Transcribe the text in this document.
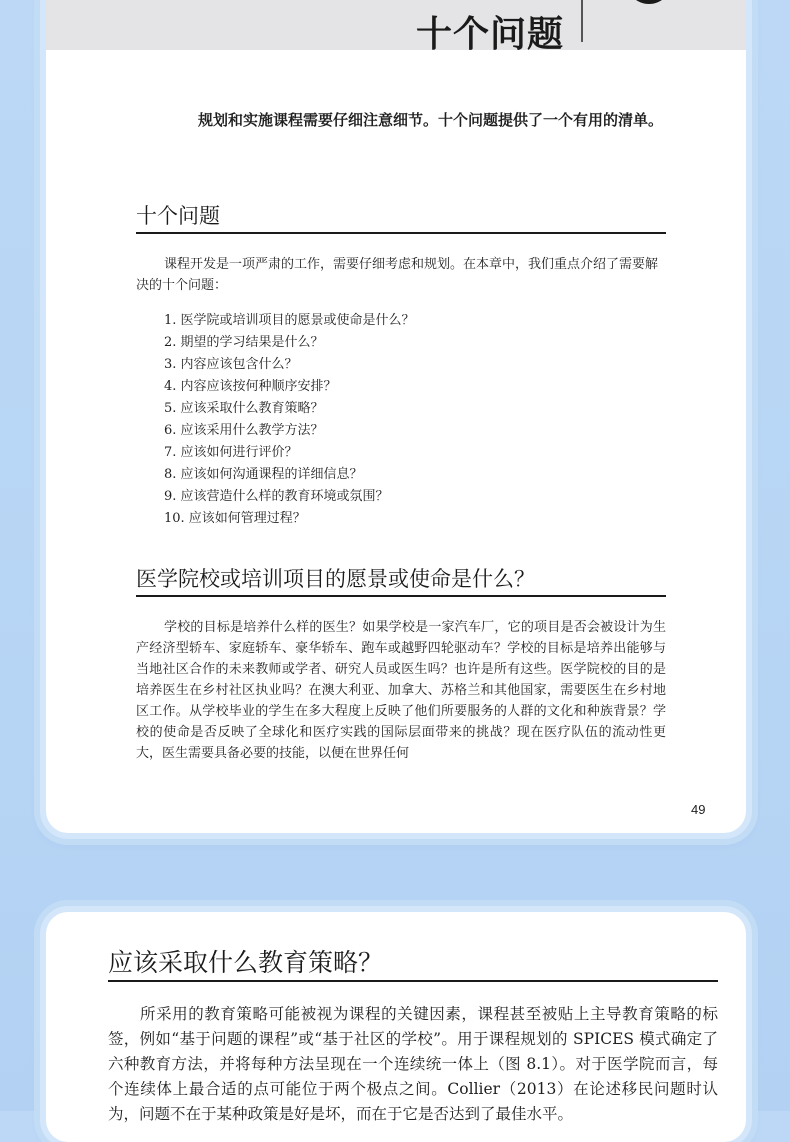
十个问题
规划和实施课程需要仔细注意细节。十个问题提供了一个有用的清单。
十个问题
课程开发是一项严肃的工作，需要仔细考虑和规划。在本章中，我们重点介绍了需要解决的十个问题：
1. 医学院或培训项目的愿景或使命是什么？
2. 期望的学习结果是什么？
3. 内容应该包含什么？
4. 内容应该按何种顺序安排？
5. 应该采取什么教育策略？
6. 应该采用什么教学方法？
7. 应该如何进行评价？
8. 应该如何沟通课程的详细信息？
9. 应该营造什么样的教育环境或氛围？
10. 应该如何管理过程？
医学院校或培训项目的愿景或使命是什么？
学校的目标是培养什么样的医生？如果学校是一家汽车厂，它的项目是否会被设计为生产经济型轿车、家庭轿车、豪华轿车、跑车或越野四轮驱动车？学校的目标是培养出能够与当地社区合作的未来教师或学者、研究人员或医生吗？也许是所有这些。医学院校的目的是培养医生在乡村社区执业吗？在澳大利亚、加拿大、苏格兰和其他国家，需要医生在乡村地区工作。从学校毕业的学生在多大程度上反映了他们所要服务的人群的文化和种族背景？学校的使命是否反映了全球化和医疗实践的国际层面带来的挑战？现在医疗队伍的流动性更大，医生需要具备必要的技能，以便在世界任何
49
应该采取什么教育策略？
所采用的教育策略可能被视为课程的关键因素，课程甚至被贴上主导教育策略的标签，例如“基于问题的课程”或“基于社区的学校”。用于课程规划的 SPICES 模式确定了六种教育方法，并将每种方法呈现在一个连续统一体上（图 8.1）。对于医学院而言，每个连续体上最合适的点可能位于两个极点之间。Collier（2013）在论述移民问题时认为，问题不在于某种政策是好是坏，而在于它是否达到了最佳水平。
